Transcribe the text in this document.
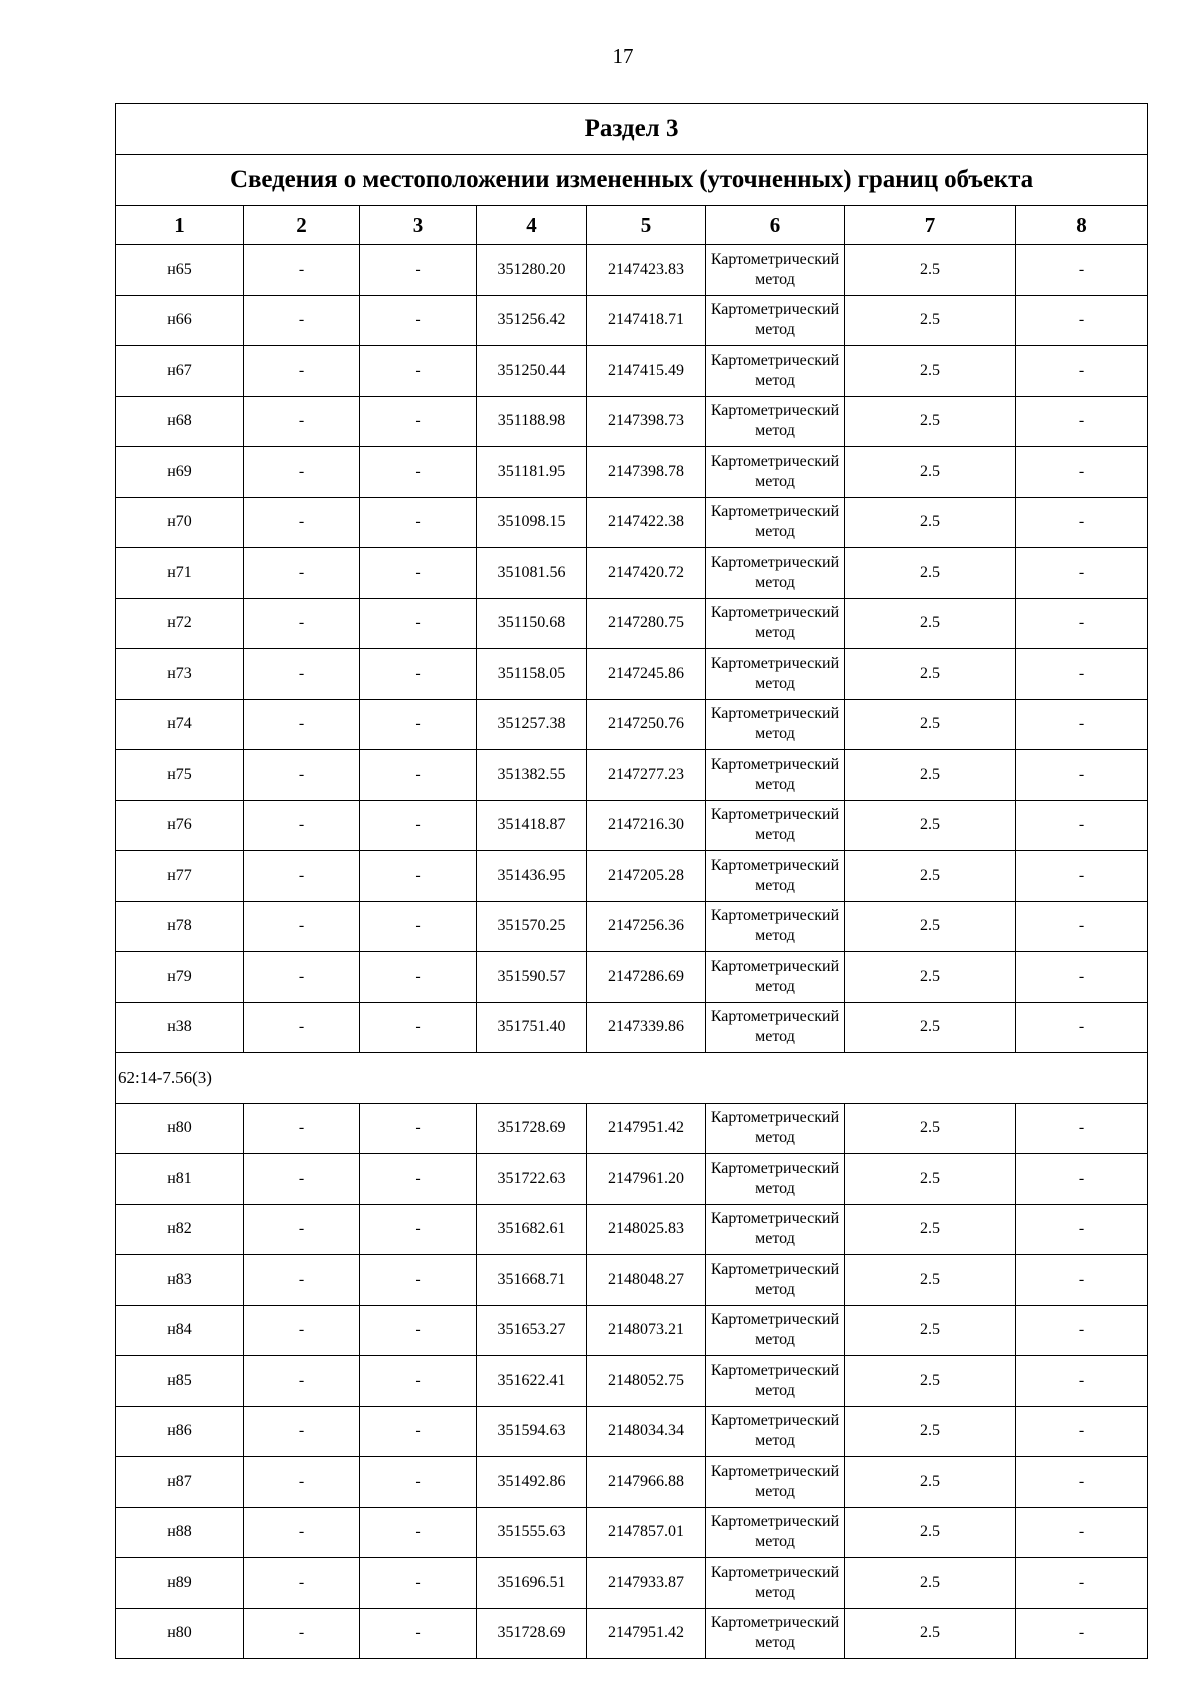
17
Раздел 3							
Сведения о местоположении измененных (уточненных) границ объекта							
1	2	3	4	5	6	7	8
н65	-	-	351280.20	2147423.83	Картометрический метод	2.5	-
н66	-	-	351256.42	2147418.71	Картометрический метод	2.5	-
н67	-	-	351250.44	2147415.49	Картометрический метод	2.5	-
н68	-	-	351188.98	2147398.73	Картометрический метод	2.5	-
н69	-	-	351181.95	2147398.78	Картометрический метод	2.5	-
н70	-	-	351098.15	2147422.38	Картометрический метод	2.5	-
н71	-	-	351081.56	2147420.72	Картометрический метод	2.5	-
н72	-	-	351150.68	2147280.75	Картометрический метод	2.5	-
н73	-	-	351158.05	2147245.86	Картометрический метод	2.5	-
н74	-	-	351257.38	2147250.76	Картометрический метод	2.5	-
н75	-	-	351382.55	2147277.23	Картометрический метод	2.5	-
н76	-	-	351418.87	2147216.30	Картометрический метод	2.5	-
н77	-	-	351436.95	2147205.28	Картометрический метод	2.5	-
н78	-	-	351570.25	2147256.36	Картометрический метод	2.5	-
н79	-	-	351590.57	2147286.69	Картометрический метод	2.5	-
н38	-	-	351751.40	2147339.86	Картометрический метод	2.5	-
62:14-7.56(3)							
н80	-	-	351728.69	2147951.42	Картометрический метод	2.5	-
н81	-	-	351722.63	2147961.20	Картометрический метод	2.5	-
н82	-	-	351682.61	2148025.83	Картометрический метод	2.5	-
н83	-	-	351668.71	2148048.27	Картометрический метод	2.5	-
н84	-	-	351653.27	2148073.21	Картометрический метод	2.5	-
н85	-	-	351622.41	2148052.75	Картометрический метод	2.5	-
н86	-	-	351594.63	2148034.34	Картометрический метод	2.5	-
н87	-	-	351492.86	2147966.88	Картометрический метод	2.5	-
н88	-	-	351555.63	2147857.01	Картометрический метод	2.5	-
н89	-	-	351696.51	2147933.87	Картометрический метод	2.5	-
н80	-	-	351728.69	2147951.42	Картометрический метод	2.5	-
